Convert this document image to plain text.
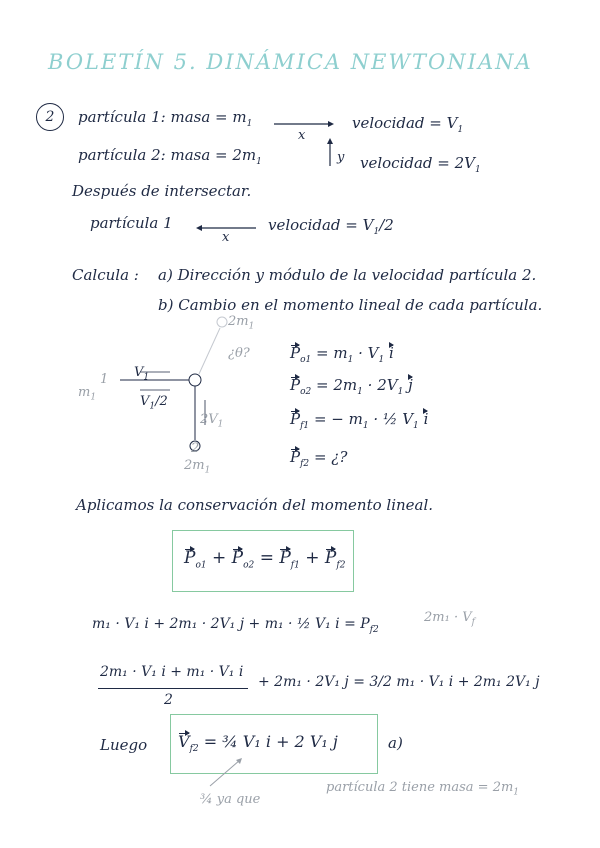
BOLETÍN 5. DINÁMICA NEWTONIANA
2	partícula 1: masa = $m_1$
x
velocidad = $V_1$
partícula 2: masa = $2m_1$	y velocidad = $2V_1$
Después de intersectar.
partícula 1
x
velocidad = $V_1/2$
Calcula : a) Dirección y módulo de la velocidad partícula 2.
b) Cambio en el momento lineal de cada partícula.
$2m_1$
¿θ?
$V_1$
$V_1/2$
$m_1$
1
$2V_1$
2
$2m_1$
$P_{o1} = m_1 \cdot V_1$ i
$P_{o2} = 2m_1 \cdot 2V_1$ j
$P_{f1}$ = − $m_1$ · ½ $V_1$ i
$P_{f2}$ = ¿?
Aplicamos la conservación del momento lineal.
$P_{o1} + P_{o2} = P_{f1} + P_{f2}$
m₁ · V₁ i + 2m₁ · 2V₁ j + m₁ · ½ V₁ $i = P_{f2}$
$2m_1 \cdot V_f$
2m₁ · V₁ i + m₁ · V₁ i
2
+ 2m₁ · 2V₁ j = 3/2 m₁ · V₁ i + 2m₁ 2V₁ j
Luego $V_{f2}$ = ¾ V₁ i + 2 V₁ j	a)
¾ ya que
partícula 2 tiene masa = $2m_1$
